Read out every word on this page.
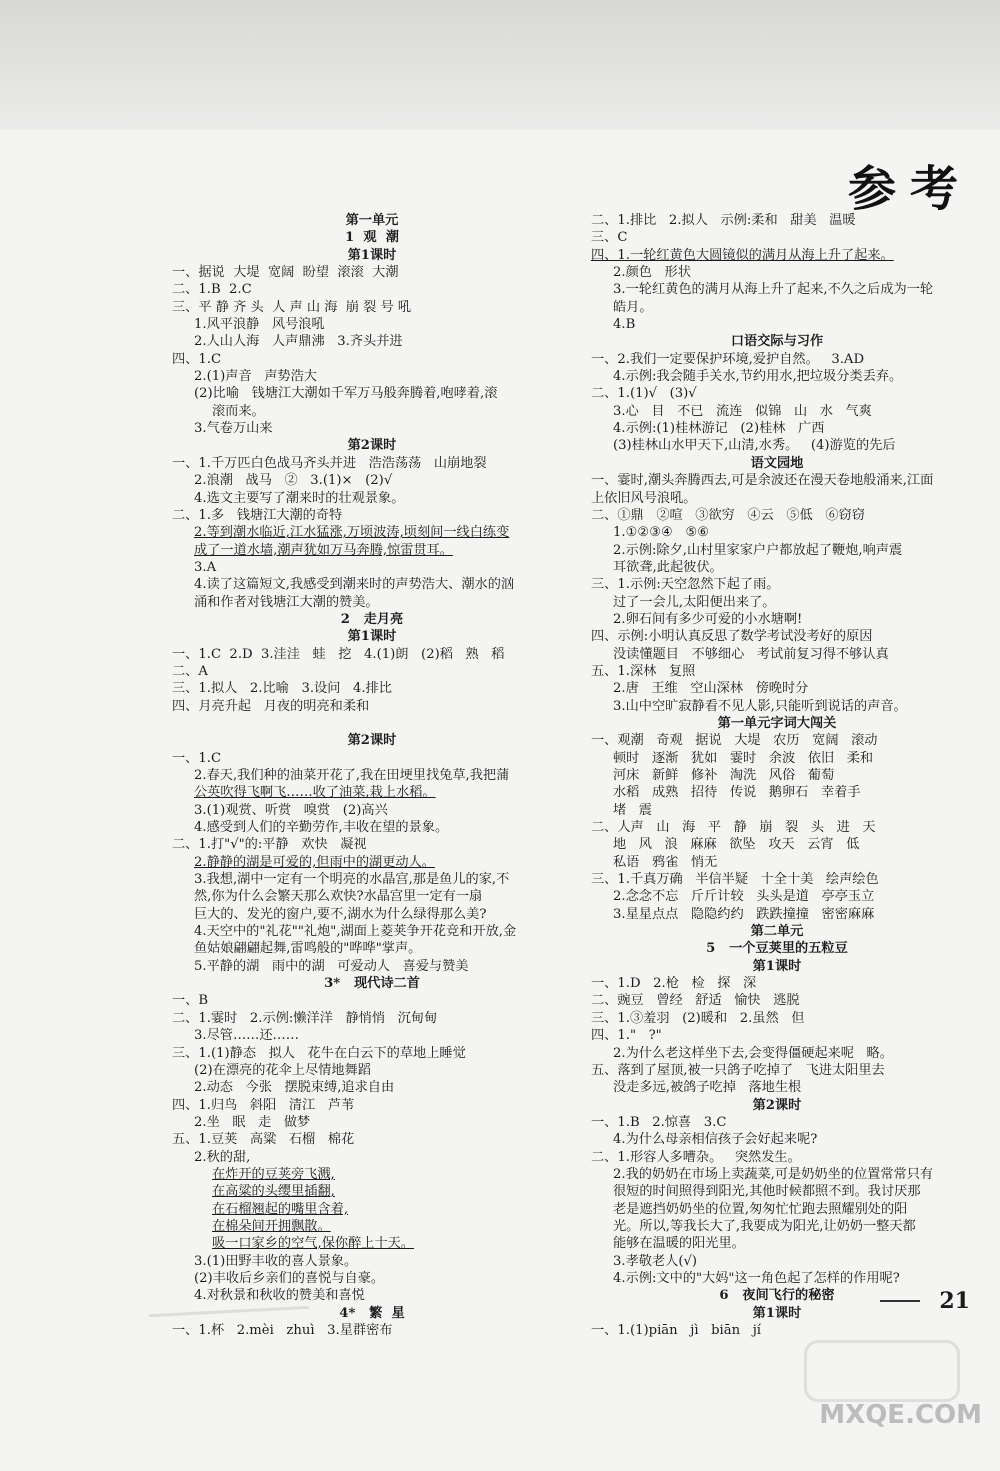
参考
第一单元
1  观  潮
第1课时
一、据说  大堤  宽阔  盼望  滚滚  大潮
二、1.B  2.C
三、平 静 齐 头  人 声 山 海  崩 裂 号 吼
1.风平浪静   风号浪吼
2.人山人海   人声鼎沸   3.齐头并进
四、1.C
2.(1)声音   声势浩大
(2)比喻   钱塘江大潮如千军万马般奔腾着,咆哮着,滚
滚而来。
3.气卷万山来
第2课时
一、1.千万匹白色战马齐头并进   浩浩荡荡   山崩地裂
2.浪潮   战马   ②   3.(1)×   (2)√
4.选文主要写了潮来时的壮观景象。
二、1.多   钱塘江大潮的奇特
2.等到潮水临近,江水猛涨,万顷波涛,顷刻间一线白练变
成了一道水墙,潮声犹如万马奔腾,惊雷贯耳。
3.A
4.读了这篇短文,我感受到潮来时的声势浩大、潮水的汹
涌和作者对钱塘江大潮的赞美。
2   走月亮
第1课时
一、1.C  2.D  3.洼洼   蛙   挖   4.(1)朗   (2)稻   熟   稻
二、A
三、1.拟人   2.比喻   3.设问   4.排比
四、月亮升起   月夜的明亮和柔和
第2课时
一、1.C
2.春天,我们种的油菜开花了,我在田埂里找兔草,我把蒲
公英吹得飞啊飞……收了油菜,栽上水稻。
3.(1)观赏、听赏   嗅赏   (2)高兴
4.感受到人们的辛勤劳作,丰收在望的景象。
二、1.打"√"的:平静   欢快   凝视
2.静静的湖是可爱的,但雨中的湖更动人。
3.我想,湖中一定有一个明亮的水晶宫,那是鱼儿的家,不
然,你为什么会繁天那么欢快?水晶宫里一定有一扇
巨大的、发光的窗户,要不,湖水为什么绿得那么美?
4.天空中的"礼花""礼炮",湖面上菱荚争开花竞和开放,金
鱼姑娘翩翩起舞,雷鸣般的"哗哗"掌声。
5.平静的湖   雨中的湖   可爱动人   喜爱与赞美
3*   现代诗二首
一、B
二、1.霎时   2.示例:懒洋洋   静悄悄   沉甸甸
3.尽管……还……
三、1.(1)静态   拟人   花牛在白云下的草地上睡觉
(2)在漂亮的花伞上尽情地舞蹈
2.动态   今张   摆脱束缚,追求自由
四、1.归鸟   斜阳   清江   芦苇
2.坐   眠   走   做梦
五、1.豆荚   高粱   石榴   棉花
2.秋的甜,
在炸开的豆荚旁飞溅,
在高粱的头缨里插翻,
在石榴翘起的嘴里含着,
在棉朵间开拥飘散。
吸一口家乡的空气,保你醉上十天。
3.(1)田野丰收的喜人景象。
(2)丰收后乡亲们的喜悦与自豪。
4.对秋景和秋收的赞美和喜悦
4*   繁  星
一、1.杯   2.mèi   zhuì   3.星群密布
二、1.排比   2.拟人   示例:柔和   甜美   温暖
三、C
四、1.一轮红黄色大圆镜似的满月从海上升了起来。
2.颜色   形状
3.一轮红黄色的满月从海上升了起来,不久之后成为一轮
皓月。
4.B
口语交际与习作
一、2.我们一定要保护环境,爱护自然。   3.AD
4.示例:我会随手关水,节约用水,把垃圾分类丢弃。
二、1.(1)√   (3)√
3.心   目   不已   流连   似锦   山   水   气爽
4.示例:(1)桂林游记   (2)桂林   广西
(3)桂林山水甲天下,山清,水秀。   (4)游览的先后
语文园地
一、霎时,潮头奔腾西去,可是余波还在漫天卷地般涌来,江面
上依旧风号浪吼。
二、①鼎   ②喧   ③欲穷   ④云   ⑤低   ⑥窃窃
1.①②③④   ⑤⑥
2.示例:除夕,山村里家家户户都放起了鞭炮,响声震
耳欲聋,此起彼伏。
三、1.示例:天空忽然下起了雨。
过了一会儿,太阳便出来了。
2.卵石间有多少可爱的小水塘啊!
四、示例:小明认真反思了数学考试没考好的原因
没读懂题目   不够细心   考试前复习得不够认真
五、1.深林   复照
2.唐   王维   空山深林   傍晚时分
3.山中空旷寂静看不见人影,只能听到说话的声音。
第一单元字词大闯关
一、观潮   奇观   据说   大堤   农历   宽阔   滚动
顿时   逐渐   犹如   霎时   余波   依旧   柔和
河床   新鲜   修补   淘洗   风俗   葡萄
水稻   成熟   招待   传说   鹅卵石   幸着手
堵   震
二、人声   山   海   平   静   崩   裂   头   进   天
地   风   浪   麻麻   欲坠   攻天   云宵   低
私语   鸦雀   悄无
三、1.千真万确   半信半疑   十全十美   绘声绘色
2.念念不忘   斤斤计较   头头是道   亭亭玉立
3.星星点点   隐隐约约   跌跌撞撞   密密麻麻
第二单元
5   一个豆荚里的五粒豆
第1课时
一、1.D   2.枪   检   探   深
二、豌豆   曾经   舒适   愉快   逃脱
三、1.③羞羽   (2)暖和   2.虽然   但
四、1."   ?"
2.为什么老这样坐下去,会变得僵硬起来呢   略。
五、落到了屋顶,被一只鸽子吃掉了   飞进太阳里去
没走多远,被鸽子吃掉   落地生根
第2课时
一、1.B   2.惊喜   3.C
4.为什么母亲相信孩子会好起来呢?
二、1.形容人多嘈杂。   突然发生。
2.我的奶奶在市场上卖蔬菜,可是奶奶坐的位置常常只有
很短的时间照得到阳光,其他时候都照不到。我讨厌那
老是遮挡奶奶坐的位置,匆匆忙忙跑去照耀别处的阳
光。所以,等我长大了,我要成为阳光,让奶奶一整天都
能够在温暖的阳光里。
3.孝敬老人(√)
4.示例:文中的"大妈"这一角色起了怎样的作用呢?
6   夜间飞行的秘密
第1课时
一、1.(1)piān   jì   biān   jí
21
MXQE.COM
